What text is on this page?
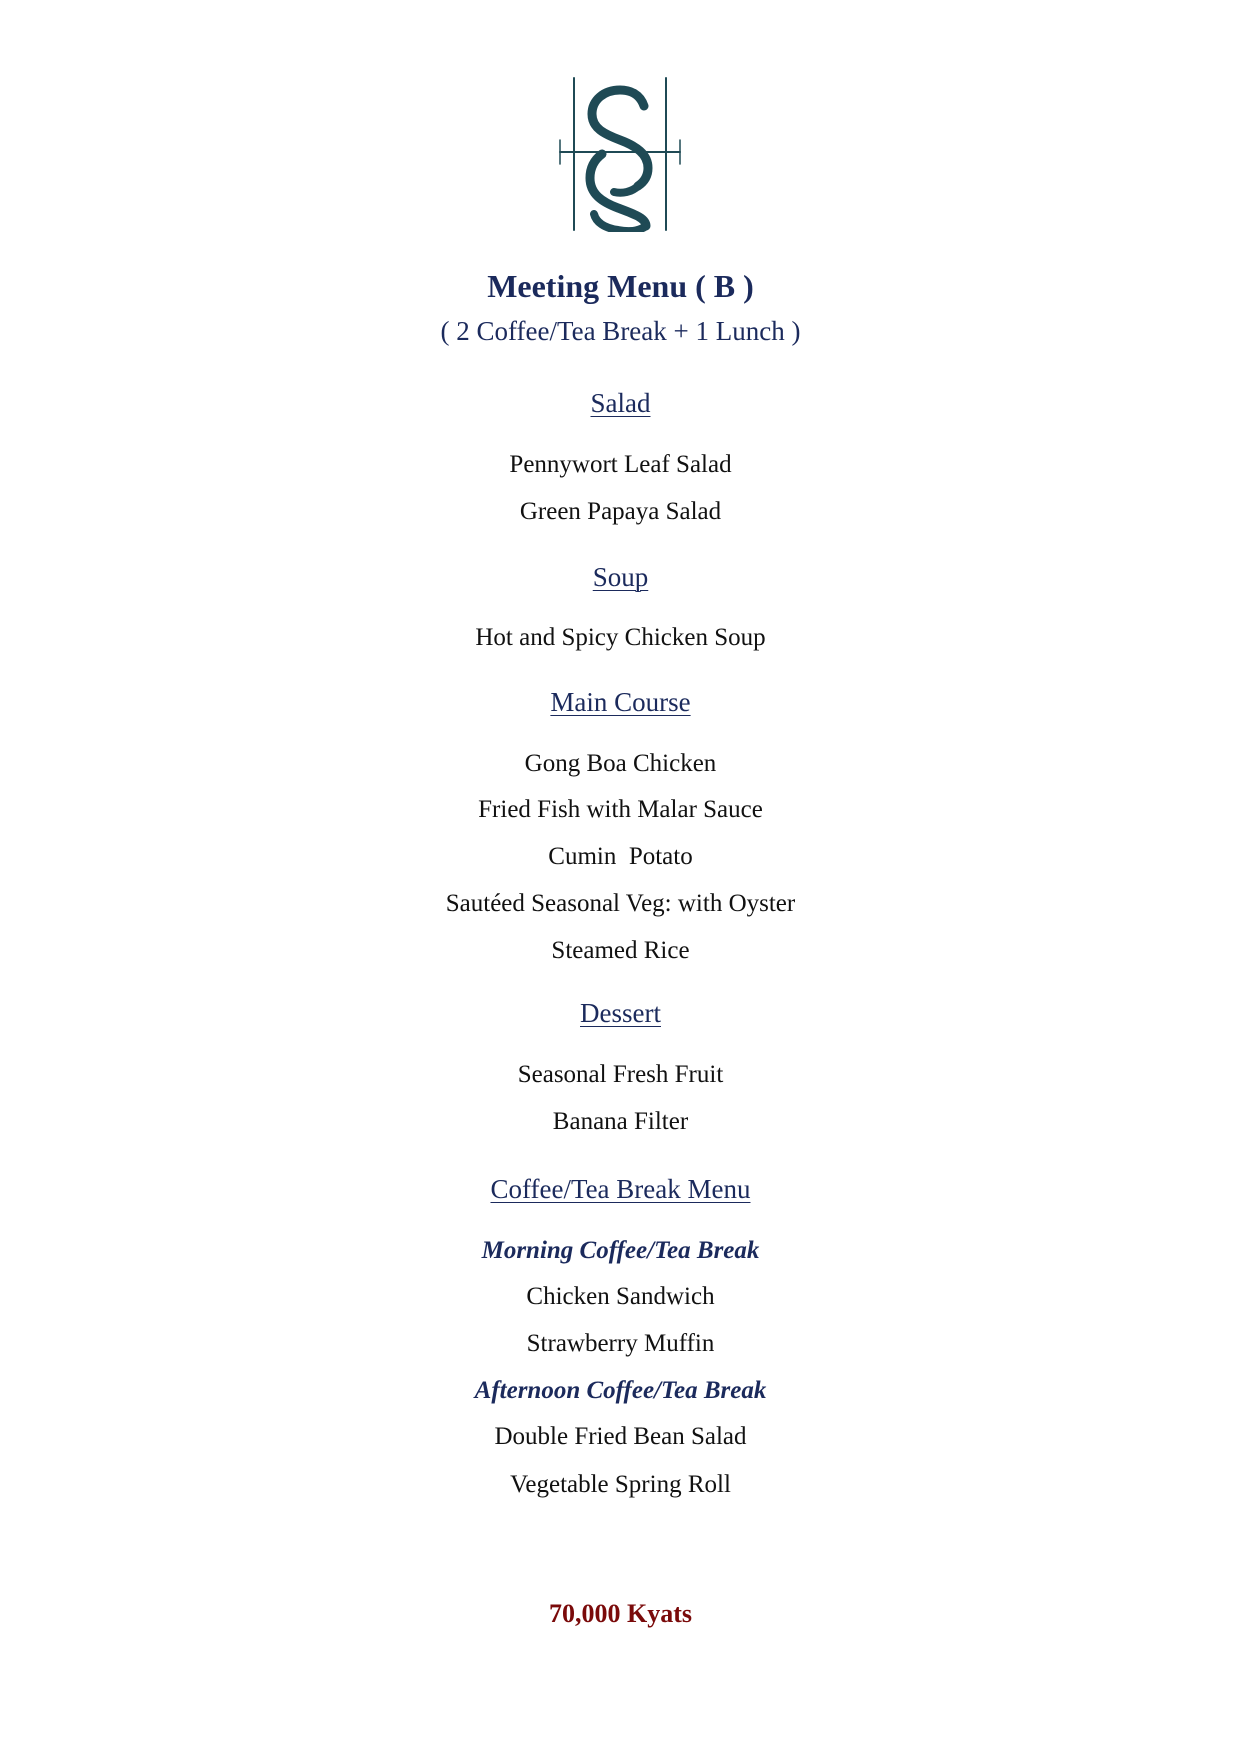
Meeting Menu ( B )
( 2 Coffee/Tea Break + 1 Lunch )
Salad
Pennywort Leaf Salad
Green Papaya Salad
Soup
Hot and Spicy Chicken Soup
Main Course
Gong Boa Chicken
Fried Fish with Malar Sauce
Cumin  Potato
Sautéed Seasonal Veg: with Oyster
Steamed Rice
Dessert
Seasonal Fresh Fruit
Banana Filter
Coffee/Tea Break Menu
Morning Coffee/Tea Break
Chicken Sandwich
Strawberry Muffin
Afternoon Coffee/Tea Break
Double Fried Bean Salad
Vegetable Spring Roll
70,000 Kyats
